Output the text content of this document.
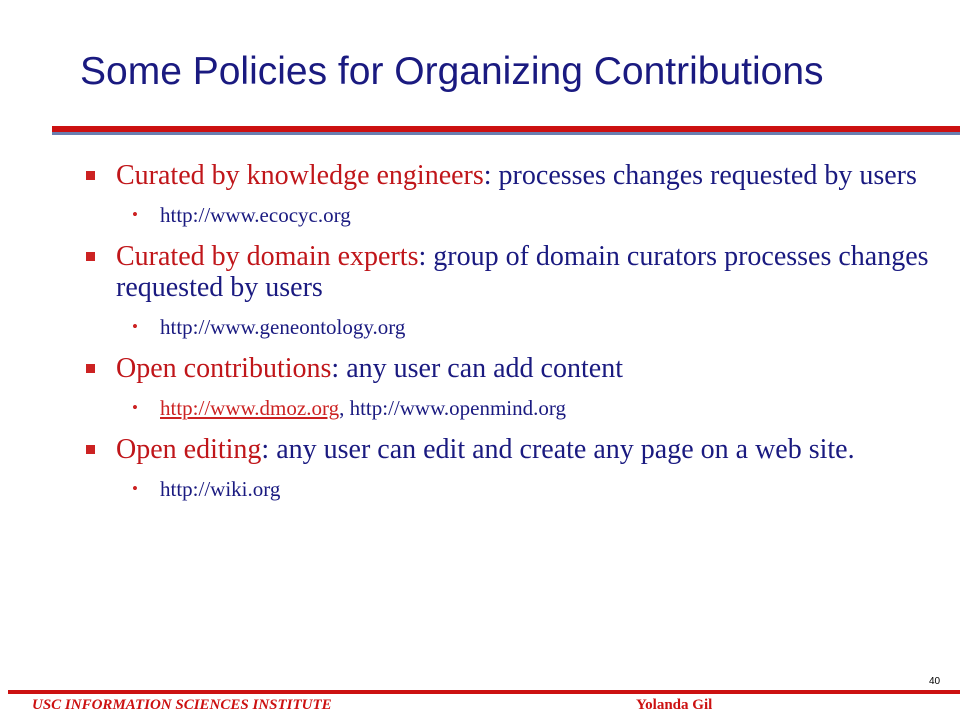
Some Policies for Organizing Contributions
Curated by knowledge engineers: processes changes requested by users
• http://www.ecocyc.org
Curated by domain experts: group of domain curators processes changes requested by users
• http://www.geneontology.org
Open contributions: any user can add content
• http://www.dmoz.org, http://www.openmind.org
Open editing: any user can edit and create any page on a web site.
• http://wiki.org
40
USC INFORMATION SCIENCES INSTITUTE	Yolanda Gil
